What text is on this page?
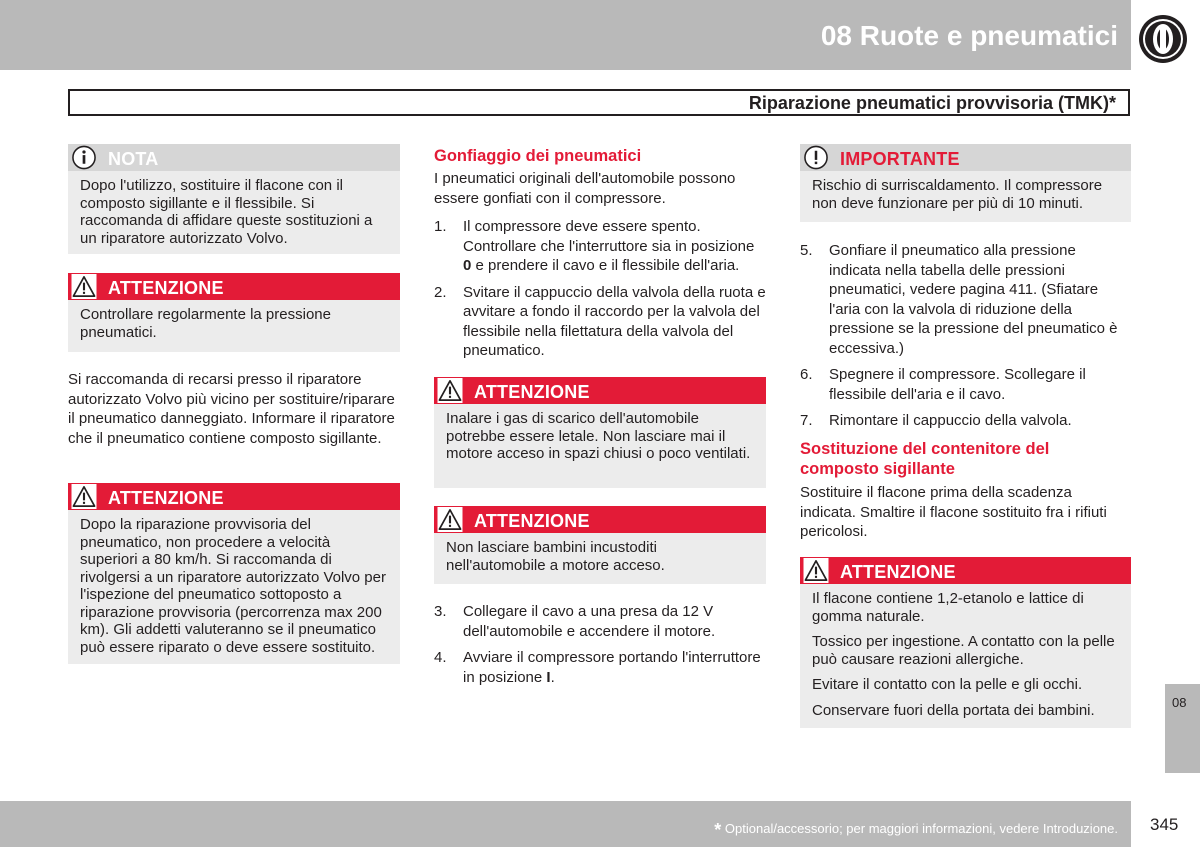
08 Ruote e pneumatici
Riparazione pneumatici provvisoria (TMK)*
NOTA
Dopo l'utilizzo, sostituire il flacone con il composto sigillante e il flessibile. Si raccomanda di affidare queste sostituzioni a un riparatore autorizzato Volvo.
ATTENZIONE
Controllare regolarmente la pressione pneumatici.
Si raccomanda di recarsi presso il riparatore autorizzato Volvo più vicino per sostituire/riparare il pneumatico danneggiato. Informare il riparatore che il pneumatico contiene composto sigillante.
ATTENZIONE
Dopo la riparazione provvisoria del pneumatico, non procedere a velocità superiori a 80 km/h. Si raccomanda di rivolgersi a un riparatore autorizzato Volvo per l'ispezione del pneumatico sottoposto a riparazione provvisoria (percorrenza max 200 km). Gli addetti valuteranno se il pneumatico può essere riparato o deve essere sostituito.
Gonfiaggio dei pneumatici
I pneumatici originali dell'automobile possono essere gonfiati con il compressore.
1. Il compressore deve essere spento. Controllare che l'interruttore sia in posizione 0 e prendere il cavo e il flessibile dell'aria.
2. Svitare il cappuccio della valvola della ruota e avvitare a fondo il raccordo per la valvola del flessibile nella filettatura della valvola del pneumatico.
ATTENZIONE
Inalare i gas di scarico dell'automobile potrebbe essere letale. Non lasciare mai il motore acceso in spazi chiusi o poco ventilati.
ATTENZIONE
Non lasciare bambini incustoditi nell'automobile a motore acceso.
3. Collegare il cavo a una presa da 12 V dell'automobile e accendere il motore.
4. Avviare il compressore portando l'interruttore in posizione I.
IMPORTANTE
Rischio di surriscaldamento. Il compressore non deve funzionare per più di 10 minuti.
5. Gonfiare il pneumatico alla pressione indicata nella tabella delle pressioni pneumatici, vedere pagina 411. (Sfiatare l'aria con la valvola di riduzione della pressione se la pressione del pneumatico è eccessiva.)
6. Spegnere il compressore. Scollegare il flessibile dell'aria e il cavo.
7. Rimontare il cappuccio della valvola.
Sostituzione del contenitore del composto sigillante
Sostituire il flacone prima della scadenza indicata. Smaltire il flacone sostituito fra i rifiuti pericolosi.
ATTENZIONE

Il flacone contiene 1,2-etanolo e lattice di gomma naturale.

Tossico per ingestione. A contatto con la pelle può causare reazioni allergiche.

Evitare il contatto con la pelle e gli occhi.

Conservare fuori della portata dei bambini.	08
* Optional/accessorio; per maggiori informazioni, vedere Introduzione. 345
